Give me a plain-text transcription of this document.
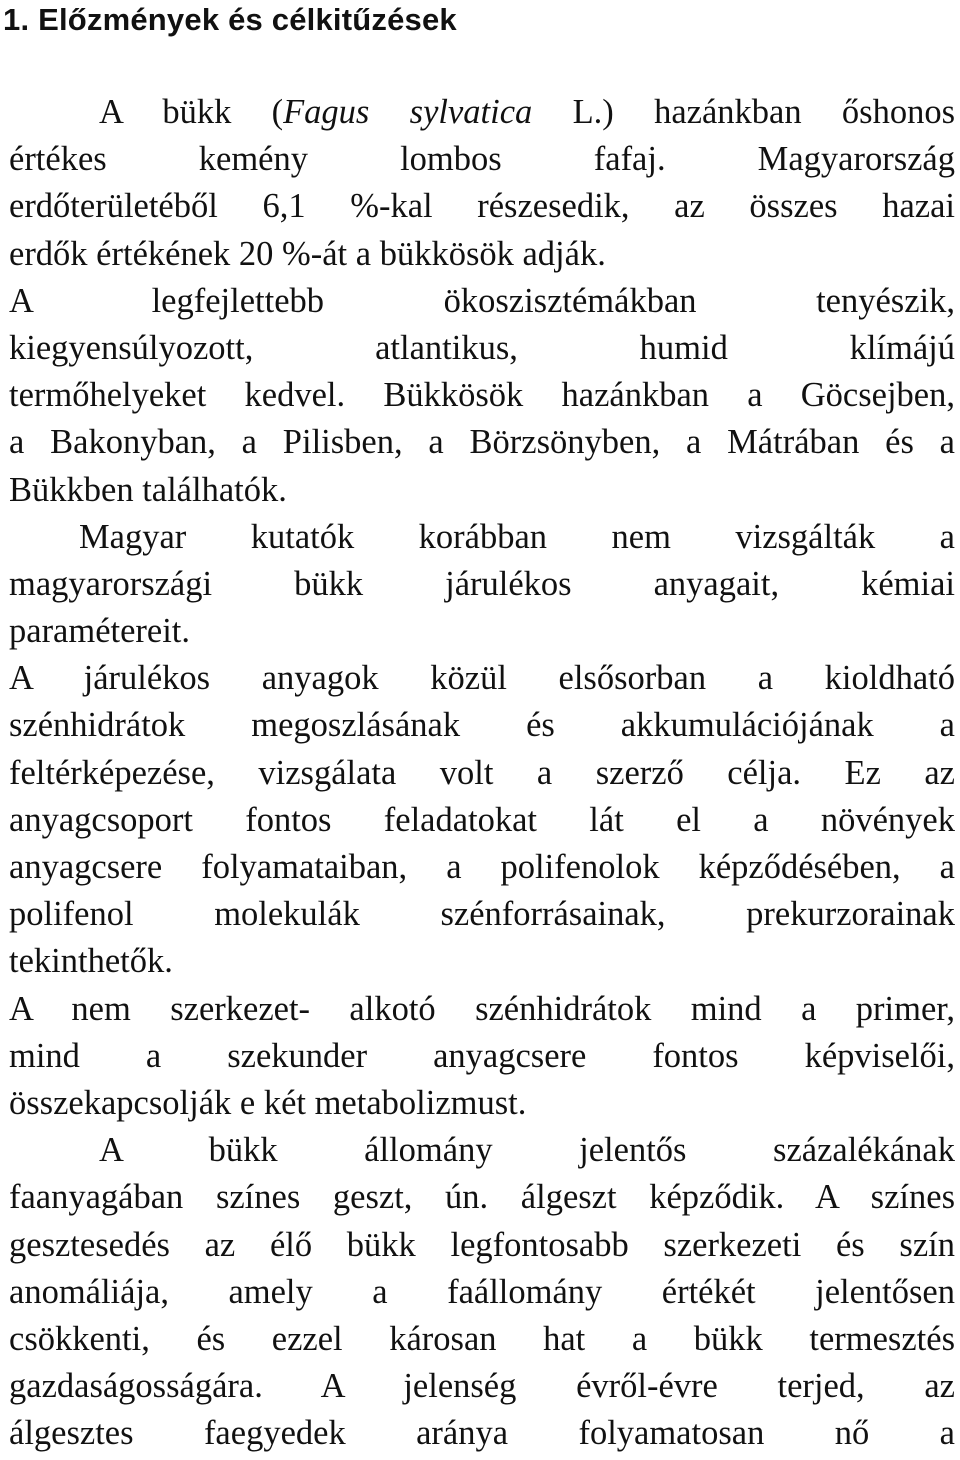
1. Előzmények és célkitűzések
A bükk (Fagus sylvatica L.) hazánkban őshonos
értékes kemény lombos fafaj. Magyarország
erdőterületéből 6,1 %-kal részesedik, az összes hazai
erdők értékének 20 %-át a bükkösök adják.
A legfejlettebb ökoszisztémákban tenyészik,
kiegyensúlyozott, atlantikus, humid klímájú
termőhelyeket kedvel. Bükkösök hazánkban a Göcsejben,
a Bakonyban, a Pilisben, a Börzsönyben, a Mátrában és a
Bükkben találhatók.
Magyar kutatók korábban nem vizsgálták a
magyarországi bükk járulékos anyagait, kémiai
paramétereit.
A járulékos anyagok közül elsősorban a kioldható
szénhidrátok megoszlásának és akkumulációjának a
feltérképezése, vizsgálata volt a szerző célja. Ez az
anyagcsoport fontos feladatokat lát el a növények
anyagcsere folyamataiban, a polifenolok képződésében, a
polifenol molekulák szénforrásainak, prekurzorainak
tekinthetők.
A nem szerkezet- alkotó szénhidrátok mind a primer,
mind a szekunder anyagcsere fontos képviselői,
összekapcsolják e két metabolizmust.
A bükk állomány jelentős százalékának
faanyagában színes geszt, ún. álgeszt képződik. A színes
gesztesedés az élő bükk legfontosabb szerkezeti és szín
anomáliája, amely a faállomány értékét jelentősen
csökkenti, és ezzel károsan hat a bükk termesztés
gazdaságosságára. A jelenség évről-évre terjed, az
álgesztes faegyedek aránya folyamatosan nő a
